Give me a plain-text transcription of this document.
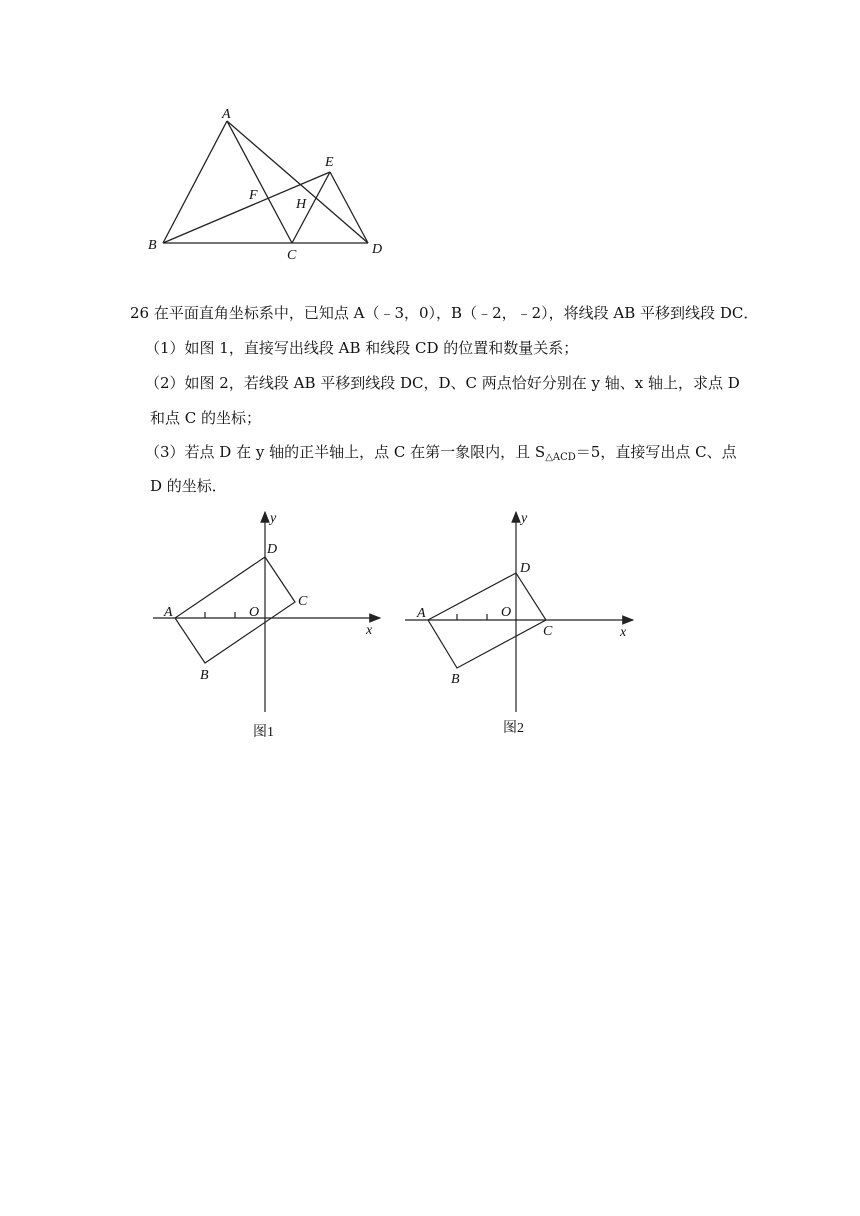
A
B
C	D
E
F
H
26 在平面直角坐标系中，已知点 A（﹣3，0），B（﹣2，﹣2），将线段 AB 平移到线段 DC．
（1）如图 1，直接写出线段 AB 和线段 CD 的位置和数量关系；
（2）如图 2，若线段 AB 平移到线段 DC，D、C 两点恰好分别在 y 轴、x 轴上，求点 D
和点 C 的坐标；
（3）若点 D 在 y 轴的正半轴上，点 C 在第一象限内，且 $S_{\triangle ACD}=5$，直接写出点 C、点
D 的坐标．
A
B
C
D
O
x
y
图1
A
B
C
D
O
x
y
图2
